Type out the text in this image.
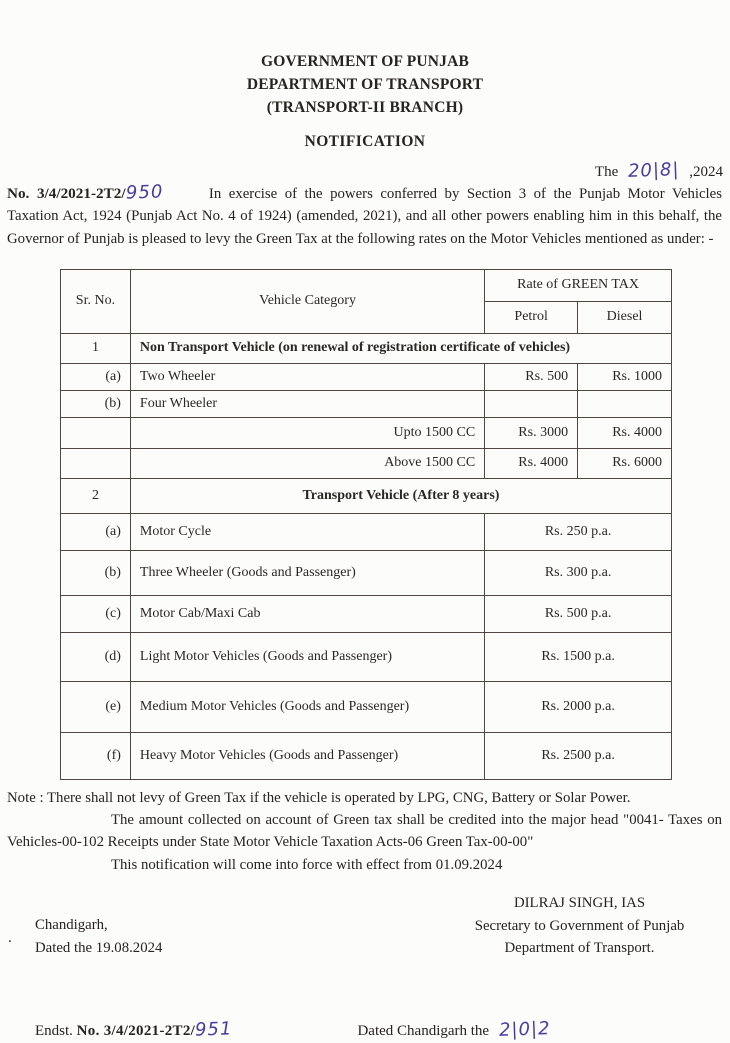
GOVERNMENT OF PUNJAB
DEPARTMENT OF TRANSPORT
(TRANSPORT-II BRANCH)
NOTIFICATION
The 20|8| ,2024

No. 3/4/2021-2T2/950	In exercise of the powers conferred by Section 3 of the Punjab Motor Vehicles Taxation Act, 1924 (Punjab Act No. 4 of 1924) (amended, 2021), and all other powers enabling him in this behalf, the Governor of Punjab is pleased to levy the Green Tax at the following rates on the Motor Vehicles mentioned as under: -

Sr. No.	Vehicle Category	Rate of GREEN TAX	
		Petrol	Diesel
1	Non Transport Vehicle (on renewal of registration certificate of vehicles)		
(a)	Two Wheeler	Rs. 500	Rs. 1000
(b)	Four Wheeler		
	Upto 1500 CC	Rs. 3000	Rs. 4000
	Above 1500 CC	Rs. 4000	Rs. 6000
2	Transport Vehicle (After 8 years)		
(a)	Motor Cycle	Rs. 250 p.a.	
(b)	Three Wheeler (Goods and Passenger)	Rs. 300 p.a.	
(c)	Motor Cab/Maxi Cab	Rs. 500 p.a.	
(d)	Light Motor Vehicles (Goods and Passenger)	Rs. 1500 p.a.	
(e)	Medium Motor Vehicles (Goods and Passenger)	Rs. 2000 p.a.	
(f)	Heavy Motor Vehicles (Goods and Passenger)	Rs. 2500 p.a.	

Note : There shall not levy of Green Tax if the vehicle is operated by LPG, CNG, Battery or Solar Power.

The amount collected on account of Green tax shall be credited into the major head "0041- Taxes on Vehicles-00-102 Receipts under State Motor Vehicle Taxation Acts-06 Green Tax-00-00"

This notification will come into force with effect from 01.09.2024

.
Chandigarh,
Dated the 19.08.2024
DILRAJ SINGH, IAS
Secretary to Government of Punjab
Department of Transport.
Endst. No. 3/4/2021-2T2/951	Dated Chandigarh the 2|0|2
